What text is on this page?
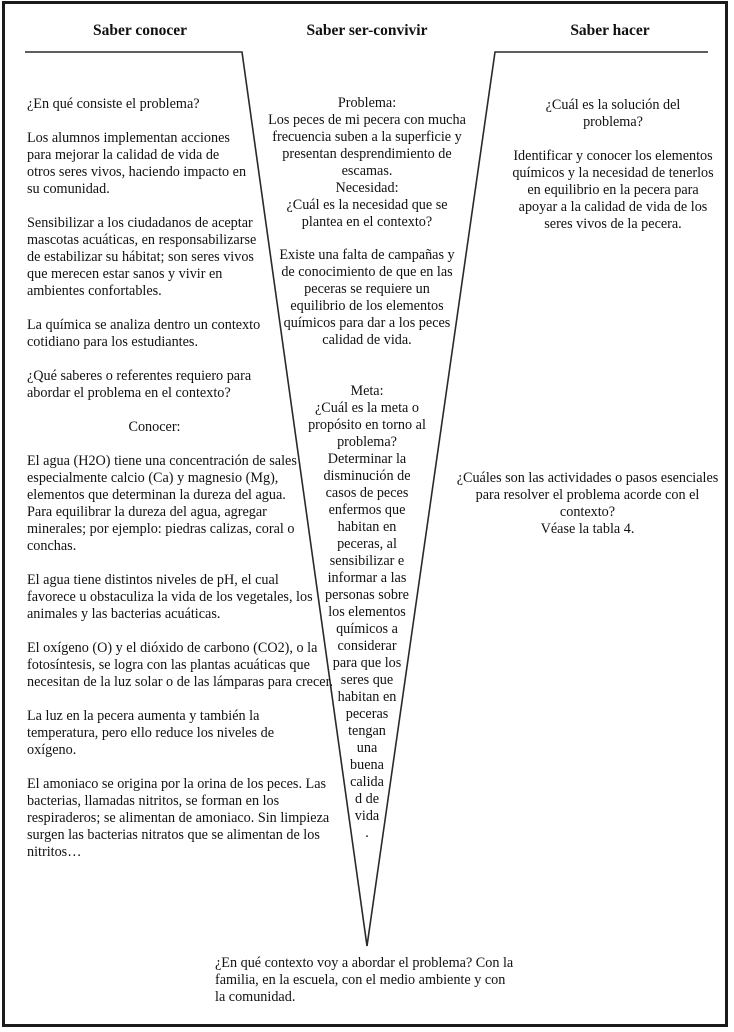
Saber conocer	Saber ser-convivir	Saber hacer

¿En qué consiste el problema?

Los alumnos implementan acciones para mejorar la calidad de vida de otros seres vivos, haciendo impacto en su comunidad.

Sensibilizar a los ciudadanos de aceptar mascotas acuáticas, en responsabilizarse de estabilizar su hábitat; son seres vivos que merecen estar sanos y vivir en ambientes confortables.

La química se analiza dentro un contexto cotidiano para los estudiantes.

¿Qué saberes o referentes requiero para abordar el problema en el contexto?

Conocer:

El agua (H2O) tiene una concentración de sales especialmente calcio (Ca) y magnesio (Mg), elementos que determinan la dureza del agua. Para equilibrar la dureza del agua, agregar minerales; por ejemplo: piedras calizas, coral o conchas.

El agua tiene distintos niveles de pH, el cual favorece u obstaculiza la vida de los vegetales, los animales y las bacterias acuáticas.

El oxígeno (O) y el dióxido de carbono (CO2), o la fotosíntesis, se logra con las plantas acuáticas que necesitan de la luz solar o de las lámparas para crecer.

La luz en la pecera aumenta y también la temperatura, pero ello reduce los niveles de oxígeno.

El amoniaco se origina por la orina de los peces. Las bacterias, llamadas nitritos, se forman en los respiraderos; se alimentan de amoniaco. Sin limpieza surgen las bacterias nitratos que se alimentan de los nitritos…

Problema:
Los peces de mi pecera con mucha frecuencia suben a la superficie y presentan desprendimiento de escamas.
Necesidad:
¿Cuál es la necesidad que se plantea en el contexto?
Existe una falta de campañas y de conocimiento de que en las peceras se requiere un equilibrio de los elementos químicos para dar a los peces calidad de vida.
Meta:
¿Cuál es la meta o propósito en torno al problema?
Determinar la
disminución de
casos de peces
enfermos que
habitan en
peceras, al
sensibilizar e
informar a las
personas sobre
los elementos
químicos a
considerar
para que los
seres que
habitan en
peceras
tengan
una
buena
calida
d de
vida
.

¿Cuál es la solución del problema?

Identificar y conocer los elementos químicos y la necesidad de tenerlos en equilibrio en la pecera para apoyar a la calidad de vida de los seres vivos de la pecera.

¿Cuáles son las actividades o pasos esenciales para resolver el problema acorde con el contexto?
Véase la tabla 4.
¿En qué contexto voy a abordar el problema? Con la familia, en la escuela, con el medio ambiente y con la comunidad.
